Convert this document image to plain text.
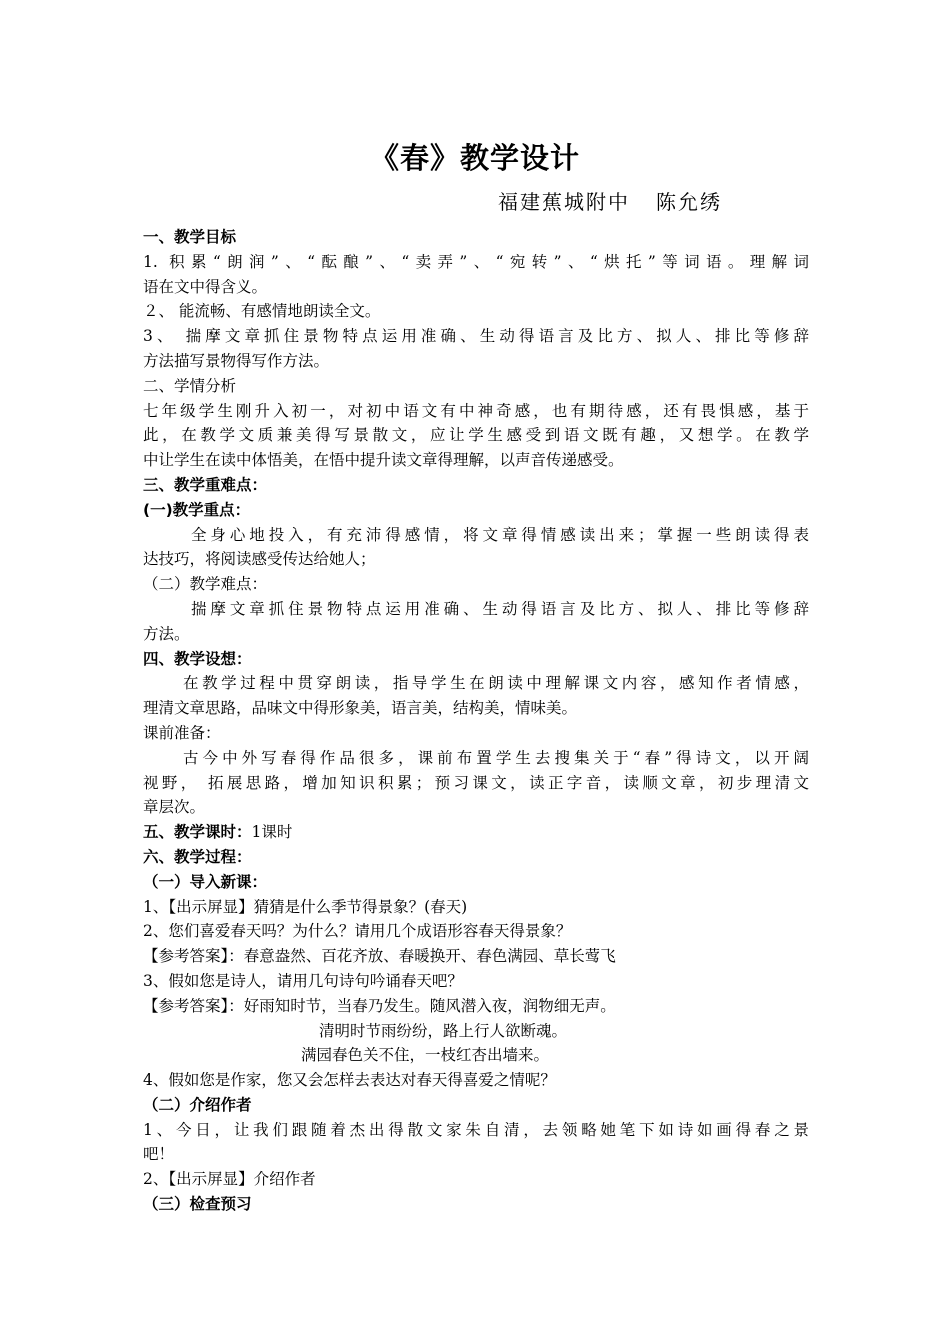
《春》教学设计
福建蕉城附中 陈允绣
一、教学目标
1. 积累“朗润”、“酝酿”、“卖弄”、“宛转”、“烘托”等词语。理解词
语在文中得含义。
２、 能流畅、有感情地朗读全文。
3、 揣摩文章抓住景物特点运用准确、生动得语言及比方、拟人、排比等修辞
方法描写景物得写作方法。
二、学情分析
七年级学生刚升入初一，对初中语文有中神奇感，也有期待感，还有畏惧感，基于
此，在教学文质兼美得写景散文，应让学生感受到语文既有趣，又想学。在教学
中让学生在读中体悟美，在悟中提升读文章得理解，以声音传递感受。
三、教学重难点：
(一)教学重点：
全身心地投入，有充沛得感情，将文章得情感读出来；掌握一些朗读得表
达技巧，将阅读感受传达给她人；
（二）教学难点：
揣摩文章抓住景物特点运用准确、生动得语言及比方、拟人、排比等修辞
方法。
四、教学设想：
在教学过程中贯穿朗读，指导学生在朗读中理解课文内容，感知作者情感，
理清文章思路，品味文中得形象美，语言美，结构美，情味美。
课前准备：
古今中外写春得作品很多，课前布置学生去搜集关于“春”得诗文，以开阔
视野， 拓展思路，增加知识积累；预习课文，读正字音，读顺文章，初步理清文
章层次。
五、教学课时：1课时
六、教学过程：
（一）导入新课：
1、【出示屏显】猜猜是什么季节得景象？(春天)
2、您们喜爱春天吗？为什么？请用几个成语形容春天得景象？
【参考答案】：春意盎然、百花齐放、春暖换开、春色满园、草长莺飞
3、假如您是诗人，请用几句诗句吟诵春天吧？
【参考答案】：好雨知时节，当春乃发生。随风潜入夜，润物细无声。
清明时节雨纷纷，路上行人欲断魂。
满园春色关不住，一枝红杏出墙来。
4、假如您是作家，您又会怎样去表达对春天得喜爱之情呢？
（二）介绍作者
1、今日，让我们跟随着杰出得散文家朱自清，去领略她笔下如诗如画得春之景
吧！
2、【出示屏显】介绍作者
（三）检查预习
